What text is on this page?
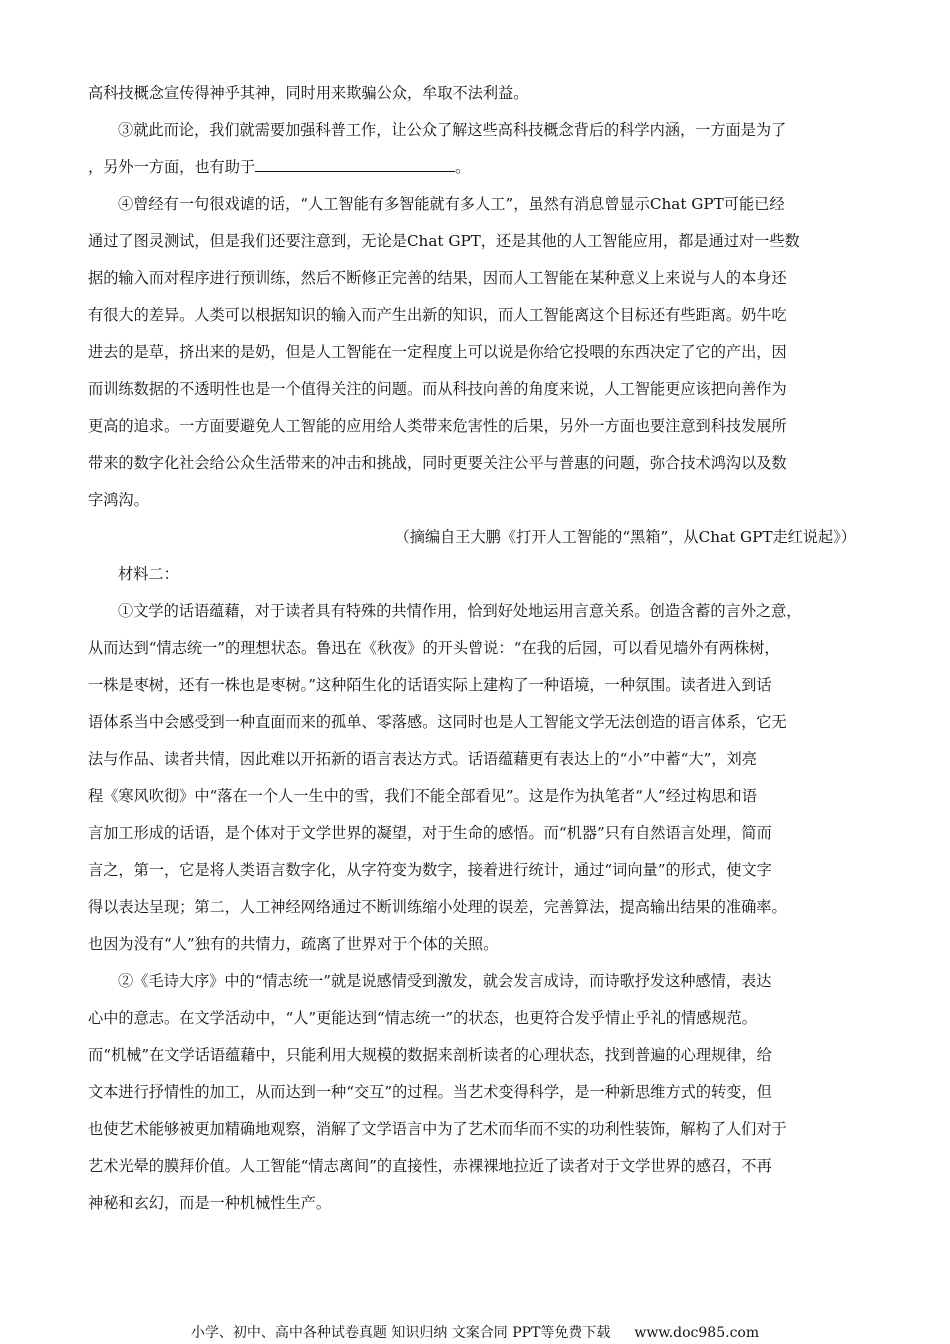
高科技概念宣传得神乎其神，同时用来欺骗公众，牟取不法利益。
③就此而论，我们就需要加强科普工作，让公众了解这些高科技概念背后的科学内涵，一方面是为了
，另外一方面，也有助于	。
④曾经有一句很戏谑的话，“人工智能有多智能就有多人工”，虽然有消息曾显示Chat GPT可能已经
通过了图灵测试，但是我们还要注意到，无论是Chat GPT，还是其他的人工智能应用，都是通过对一些数
据的输入而对程序进行预训练，然后不断修正完善的结果，因而人工智能在某种意义上来说与人的本身还
有很大的差异。人类可以根据知识的输入而产生出新的知识，而人工智能离这个目标还有些距离。奶牛吃
进去的是草，挤出来的是奶，但是人工智能在一定程度上可以说是你给它投喂的东西决定了它的产出，因
而训练数据的不透明性也是一个值得关注的问题。而从科技向善的角度来说，人工智能更应该把向善作为
更高的追求。一方面要避免人工智能的应用给人类带来危害性的后果，另外一方面也要注意到科技发展所
带来的数字化社会给公众生活带来的冲击和挑战，同时更要关注公平与普惠的问题，弥合技术鸿沟以及数
字鸿沟。
（摘编自王大鹏《打开人工智能的“黑箱”，从Chat GPT走红说起》）
材料二：
①文学的话语蕴藉，对于读者具有特殊的共情作用，恰到好处地运用言意关系。创造含蓄的言外之意，
从而达到“情志统一”的理想状态。鲁迅在《秋夜》的开头曾说：“在我的后园，可以看见墙外有两株树，
一株是枣树，还有一株也是枣树。”这种陌生化的话语实际上建构了一种语境，一种氛围。读者进入到话
语体系当中会感受到一种直面而来的孤单、零落感。这同时也是人工智能文学无法创造的语言体系，它无
法与作品、读者共情，因此难以开拓新的语言表达方式。话语蕴藉更有表达上的“小”中蓄“大”，刘亮
程《寒风吹彻》中“落在一个人一生中的雪，我们不能全部看见”。这是作为执笔者“人”经过构思和语
言加工形成的话语，是个体对于文学世界的凝望，对于生命的感悟。而“机器”只有自然语言处理，简而
言之，第一，它是将人类语言数字化，从字符变为数字，接着进行统计，通过“词向量”的形式，使文字
得以表达呈现；第二，人工神经网络通过不断训练缩小处理的误差，完善算法，提高输出结果的准确率。
也因为没有“人”独有的共情力，疏离了世界对于个体的关照。
②《毛诗大序》中的“情志统一”就是说感情受到激发，就会发言成诗，而诗歌抒发这种感情，表达
心中的意志。在文学活动中，“人”更能达到“情志统一”的状态，也更符合发乎情止乎礼的情感规范。
而“机械”在文学话语蕴藉中，只能利用大规模的数据来剖析读者的心理状态，找到普遍的心理规律，给
文本进行抒情性的加工，从而达到一种“交互”的过程。当艺术变得科学，是一种新思维方式的转变，但
也使艺术能够被更加精确地观察，消解了文学语言中为了艺术而华而不实的功利性装饰，解构了人们对于
艺术光晕的膜拜价值。人工智能“情志离间”的直接性，赤裸裸地拉近了读者对于文学世界的感召，不再
神秘和玄幻，而是一种机械性生产。
小学、初中、高中各种试卷真题 知识归纳 文案合同 PPT等免费下载 www.doc985.com
